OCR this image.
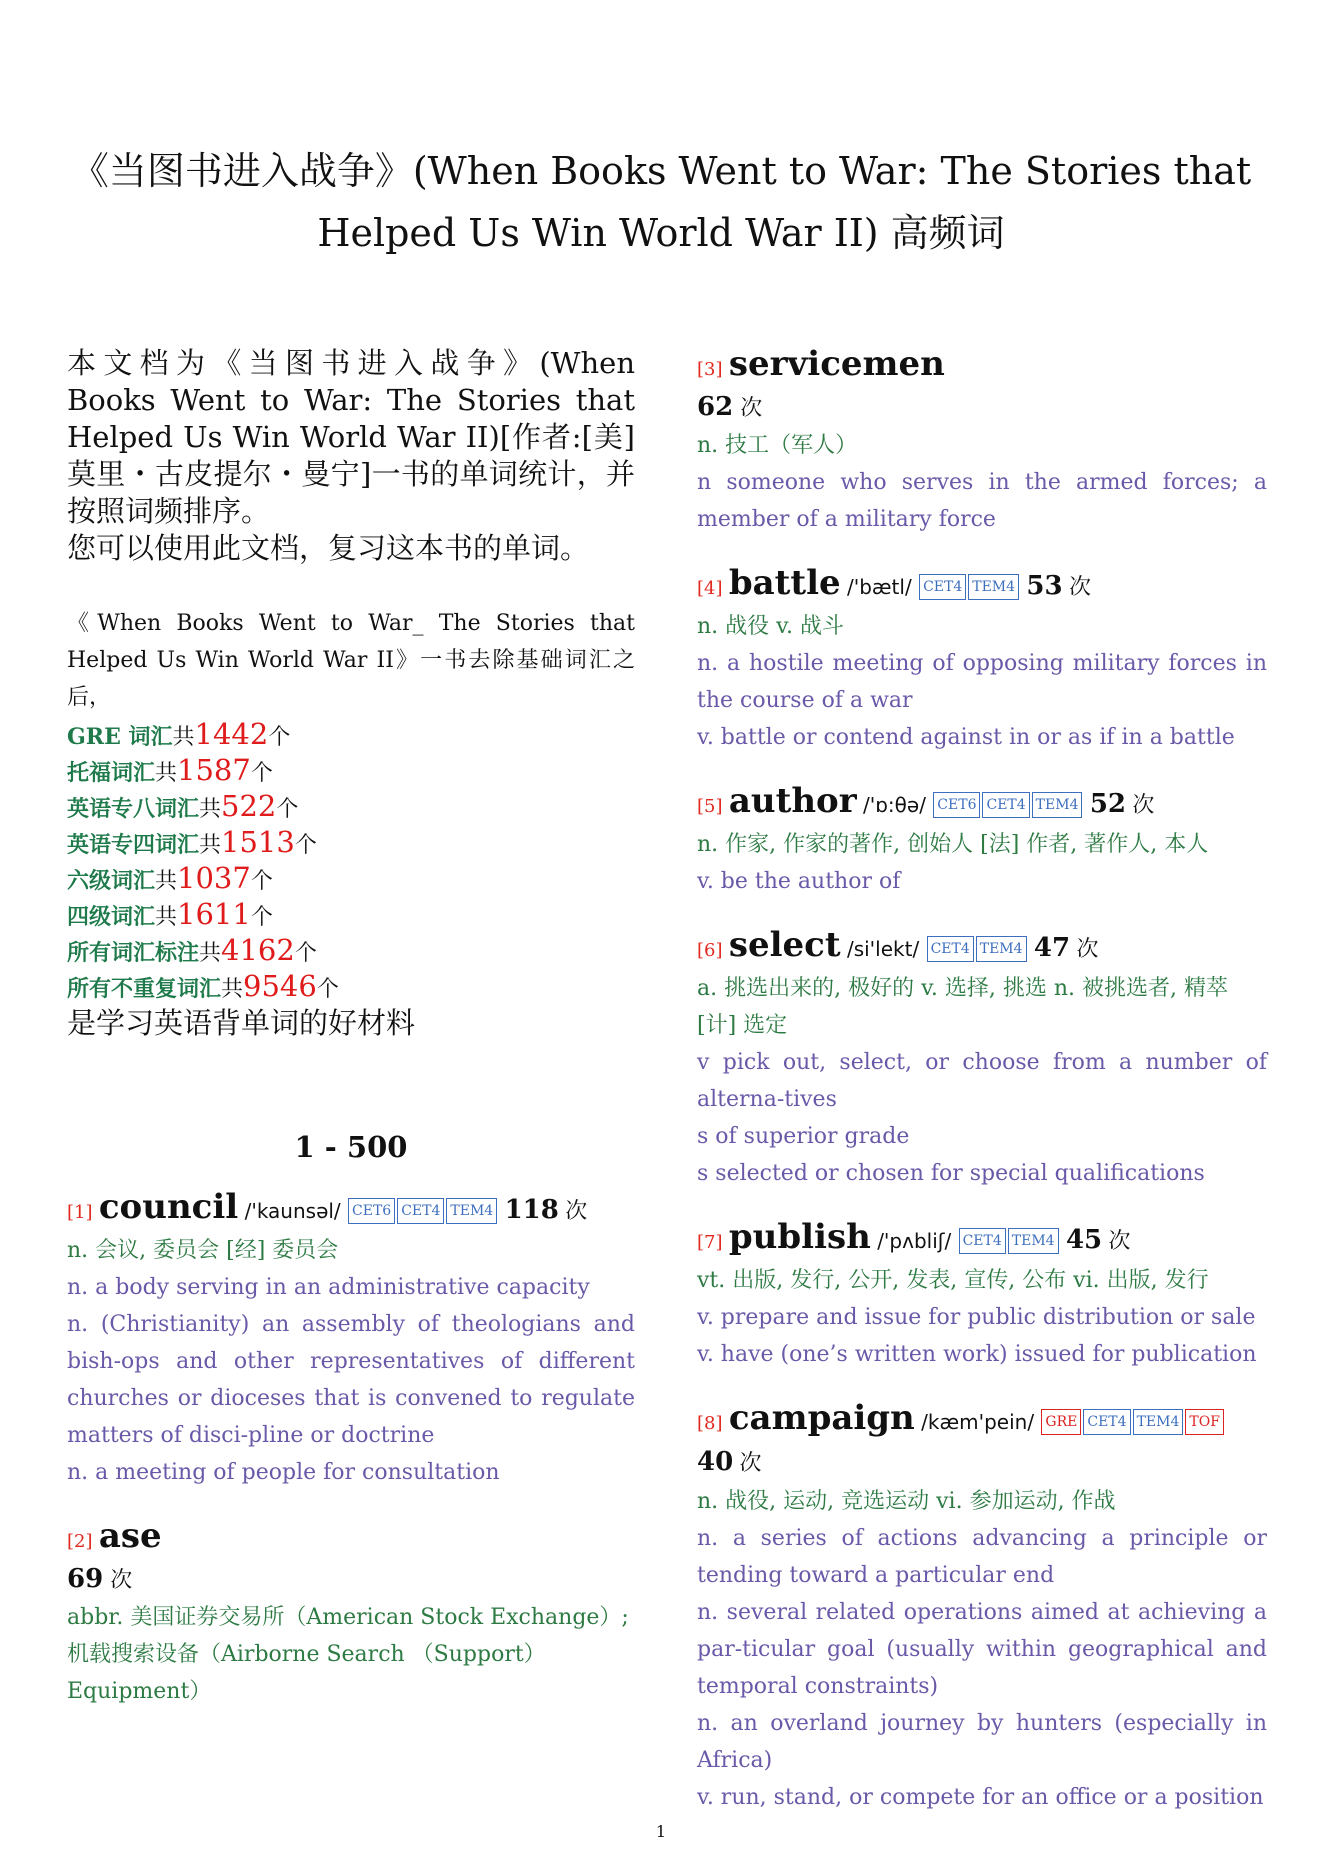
《当图书进入战争》(When Books Went to War: The Stories that Helped Us Win World War II) 高频词

本文档为《当图书进入战争》(When Books Went to War: The Stories that Helped Us Win World War II)[作者:[美]莫里・古皮提尔・曼宁]一书的单词统计，并按照词频排序。

您可以使用此文档，复习这本书的单词。

《When Books Went to War_ The Stories that Helped Us Win World War II》一书去除基础词汇之后，
GRE 词汇共1442个
托福词汇共1587个
英语专八词汇共522个
英语专四词汇共1513个
六级词汇共1037个
四级词汇共1611个
所有词汇标注共4162个
所有不重复词汇共9546个
是学习英语背单词的好材料
1 - 500
[1] council /'kaunsəl/ CET6 CET4 TEM4 118 次
n. 会议, 委员会 [经] 委员会
n. a body serving in an administrative capacity
n. (Christianity) an assembly of theologians and bish-ops and other representatives of different churches or dioceses that is convened to regulate matters of disci-pline or doctrine
n. a meeting of people for consultation
[2] ase
69 次
abbr. 美国证券交易所（American Stock Exchange）; 机载搜索设备（Airborne Search （Support）Equipment）
[3] servicemen
62 次
n. 技工（军人）
n someone who serves in the armed forces; a member of a military force
[4] battle /'bætl/ CET4 TEM4 53 次
n. 战役 v. 战斗
n. a hostile meeting of opposing military forces in the course of a war
v. battle or contend against in or as if in a battle
[5] author /'ɒ:θə/ CET6 CET4 TEM4 52 次
n. 作家, 作家的著作, 创始人 [法] 作者, 著作人, 本人
v. be the author of
[6] select /si'lekt/ CET4 TEM4 47 次
a. 挑选出来的, 极好的 v. 选择, 挑选 n. 被挑选者, 精萃 [计] 选定
v pick out, select, or choose from a number of alterna-tives
s of superior grade
s selected or chosen for special qualifications
[7] publish /'pʌbliʃ/ CET4 TEM4 45 次
vt. 出版, 发行, 公开, 发表, 宣传, 公布 vi. 出版, 发行
v. prepare and issue for public distribution or sale
v. have (one’s written work) issued for publication
[8] campaign /kæm'pein/ GRE CET4 TEM4 TOF 40 次
n. 战役, 运动, 竞选运动 vi. 参加运动, 作战
n. a series of actions advancing a principle or tending toward a particular end
n. several related operations aimed at achieving a par-ticular goal (usually within geographical and temporal constraints)
n. an overland journey by hunters (especially in Africa)
v. run, stand, or compete for an office or a position
1
